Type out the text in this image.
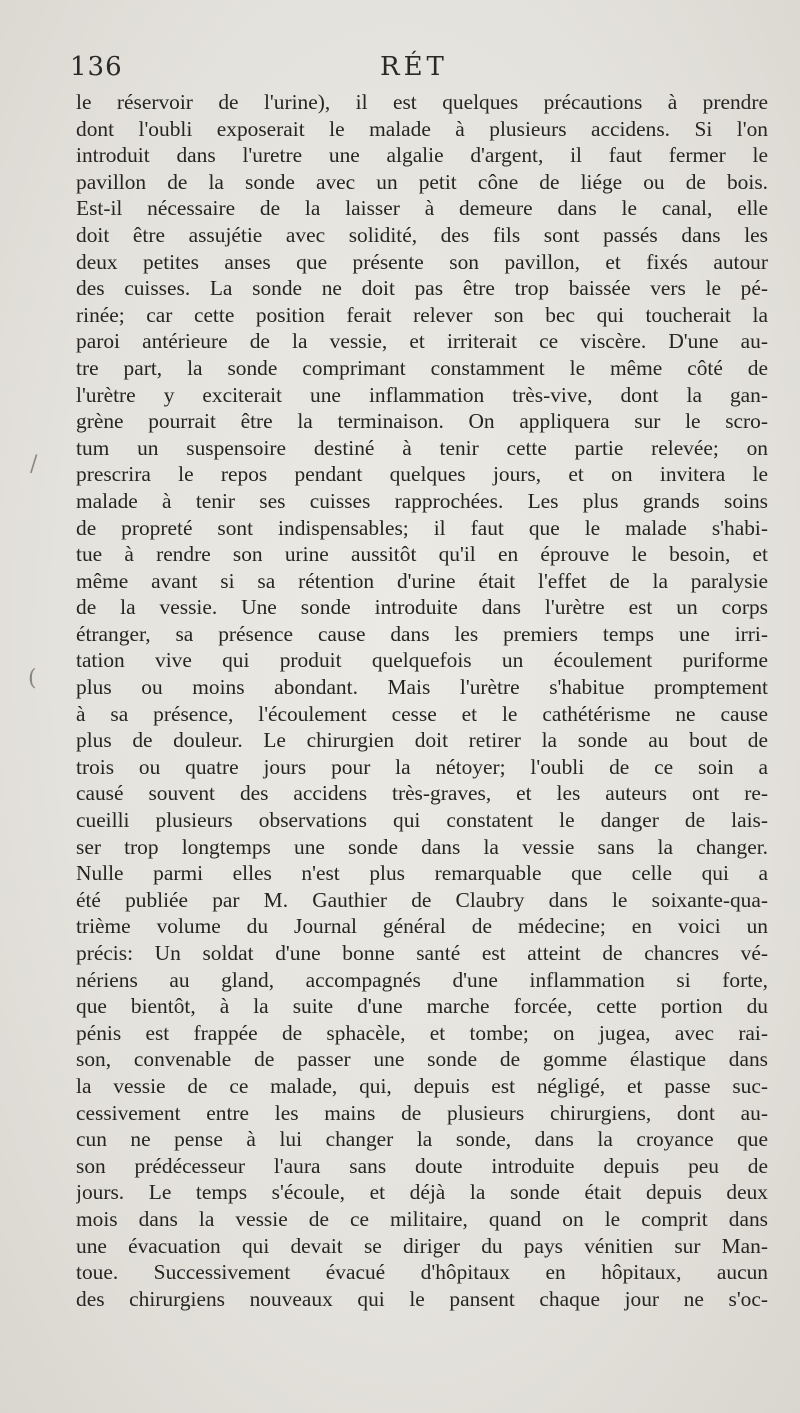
136	RÉT
le réservoir de l'urine), il est quelques précautions à prendre
dont l'oubli exposerait le malade à plusieurs accidens. Si l'on
introduit dans l'uretre une algalie d'argent, il faut fermer le
pavillon de la sonde avec un petit cône de liége ou de bois.
Est-il nécessaire de la laisser à demeure dans le canal, elle
doit être assujétie avec solidité, des fils sont passés dans les
deux petites anses que présente son pavillon, et fixés autour
des cuisses. La sonde ne doit pas être trop baissée vers le pé-
rinée; car cette position ferait relever son bec qui toucherait la
paroi antérieure de la vessie, et irriterait ce viscère. D'une au-
tre part, la sonde comprimant constamment le même côté de
l'urètre y exciterait une inflammation très-vive, dont la gan-
grène pourrait être la terminaison. On appliquera sur le scro-
tum un suspensoire destiné à tenir cette partie relevée; on
prescrira le repos pendant quelques jours, et on invitera le
malade à tenir ses cuisses rapprochées. Les plus grands soins
de propreté sont indispensables; il faut que le malade s'habi-
tue à rendre son urine aussitôt qu'il en éprouve le besoin, et
même avant si sa rétention d'urine était l'effet de la paralysie
de la vessie. Une sonde introduite dans l'urètre est un corps
étranger, sa présence cause dans les premiers temps une irri-
tation vive qui produit quelquefois un écoulement puriforme
plus ou moins abondant. Mais l'urètre s'habitue promptement
à sa présence, l'écoulement cesse et le cathétérisme ne cause
plus de douleur. Le chirurgien doit retirer la sonde au bout de
trois ou quatre jours pour la nétoyer; l'oubli de ce soin a
causé souvent des accidens très-graves, et les auteurs ont re-
cueilli plusieurs observations qui constatent le danger de lais-
ser trop longtemps une sonde dans la vessie sans la changer.
Nulle parmi elles n'est plus remarquable que celle qui a
été publiée par M. Gauthier de Claubry dans le soixante-qua-
trième volume du Journal général de médecine; en voici un
précis: Un soldat d'une bonne santé est atteint de chancres vé-
nériens au gland, accompagnés d'une inflammation si forte,
que bientôt, à la suite d'une marche forcée, cette portion du
pénis est frappée de sphacèle, et tombe; on jugea, avec rai-
son, convenable de passer une sonde de gomme élastique dans
la vessie de ce malade, qui, depuis est négligé, et passe suc-
cessivement entre les mains de plusieurs chirurgiens, dont au-
cun ne pense à lui changer la sonde, dans la croyance que
son prédécesseur l'aura sans doute introduite depuis peu de
jours. Le temps s'écoule, et déjà la sonde était depuis deux
mois dans la vessie de ce militaire, quand on le comprit dans
une évacuation qui devait se diriger du pays vénitien sur Man-
toue. Successivement évacué d'hôpitaux en hôpitaux, aucun
des chirurgiens nouveaux qui le pansent chaque jour ne s'oc-
/
(
